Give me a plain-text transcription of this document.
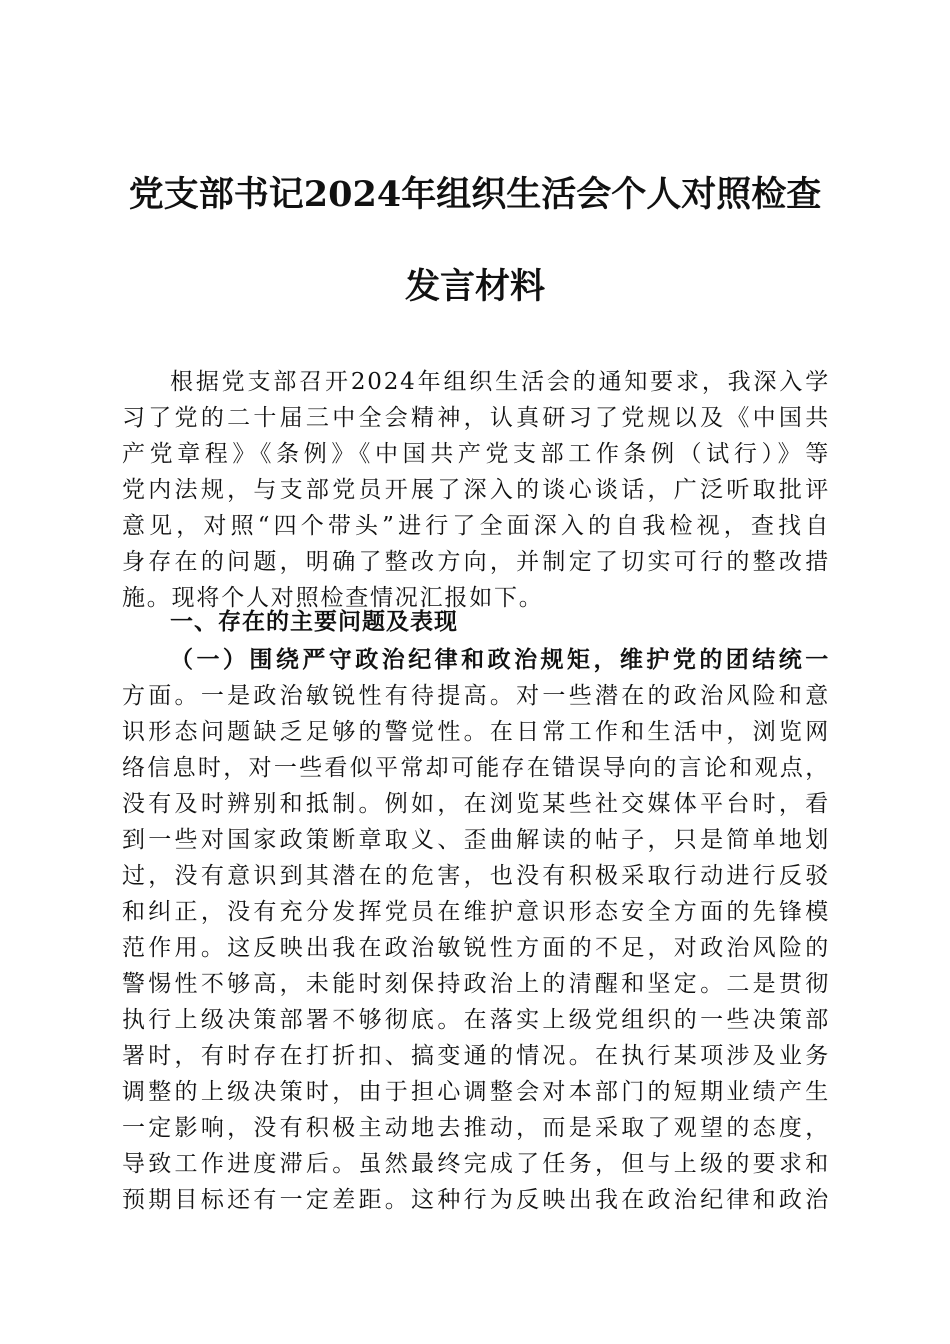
党支部书记2024年组织生活会个人对照检查
发言材料
根据党支部召开2024年组织生活会的通知要求，我深入学
习了党的二十届三中全会精神，认真研习了党规以及《中国共
产党章程》《条例》《中国共产党支部工作条例（试行）》等
党内法规，与支部党员开展了深入的谈心谈话，广泛听取批评
意见，对照“四个带头”进行了全面深入的自我检视，查找自
身存在的问题，明确了整改方向，并制定了切实可行的整改措
施。现将个人对照检查情况汇报如下。
一、存在的主要问题及表现
（一）围绕严守政治纪律和政治规矩，维护党的团结统一
方面。一是政治敏锐性有待提高。对一些潜在的政治风险和意
识形态问题缺乏足够的警觉性。在日常工作和生活中，浏览网
络信息时，对一些看似平常却可能存在错误导向的言论和观点，
没有及时辨别和抵制。例如，在浏览某些社交媒体平台时，看
到一些对国家政策断章取义、歪曲解读的帖子，只是简单地划
过，没有意识到其潜在的危害，也没有积极采取行动进行反驳
和纠正，没有充分发挥党员在维护意识形态安全方面的先锋模
范作用。这反映出我在政治敏锐性方面的不足，对政治风险的
警惕性不够高，未能时刻保持政治上的清醒和坚定。二是贯彻
执行上级决策部署不够彻底。在落实上级党组织的一些决策部
署时，有时存在打折扣、搞变通的情况。在执行某项涉及业务
调整的上级决策时，由于担心调整会对本部门的短期业绩产生
一定影响，没有积极主动地去推动，而是采取了观望的态度，
导致工作进度滞后。虽然最终完成了任务，但与上级的要求和
预期目标还有一定差距。这种行为反映出我在政治纪律和政治
